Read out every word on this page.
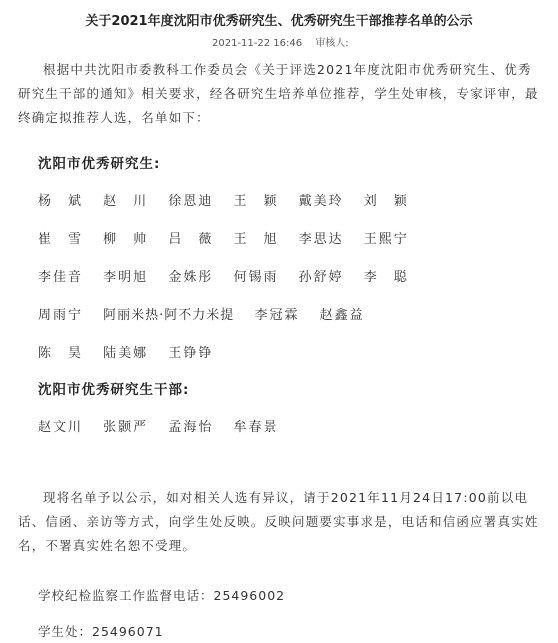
关于2021年度沈阳市优秀研究生、优秀研究生干部推荐名单的公示
2021-11-22 16:46 审核人:
根据中共沈阳市委教科工作委员会《关于评选2021年度沈阳市优秀研究生、优秀研究生干部的通知》相关要求，经各研究生培养单位推荐，学生处审核，专家评审，最终确定拟推荐人选，名单如下：
沈阳市优秀研究生:
杨　斌 赵　川 徐恩迪 王　颖 戴美玲 刘　颖
崔　雪 柳　帅 吕　薇 王　旭 李思达 王熙宁
李佳音 李明旭 金姝彤 何锡雨 孙舒婷 李　聪
周雨宁 阿丽米热·阿不力米提 李冠霖 赵鑫益
陈　昊 陆美娜 王铮铮
沈阳市优秀研究生干部:
赵文川 张颢严 孟海怡 牟春景
现将名单予以公示，如对相关人选有异议，请于2021年11月24日17:00前以电话、信函、亲访等方式，向学生处反映。反映问题要实事求是，电话和信函应署真实姓名，不署真实姓名恕不受理。
学校纪检监察工作监督电话：25496002
学生处：25496071
